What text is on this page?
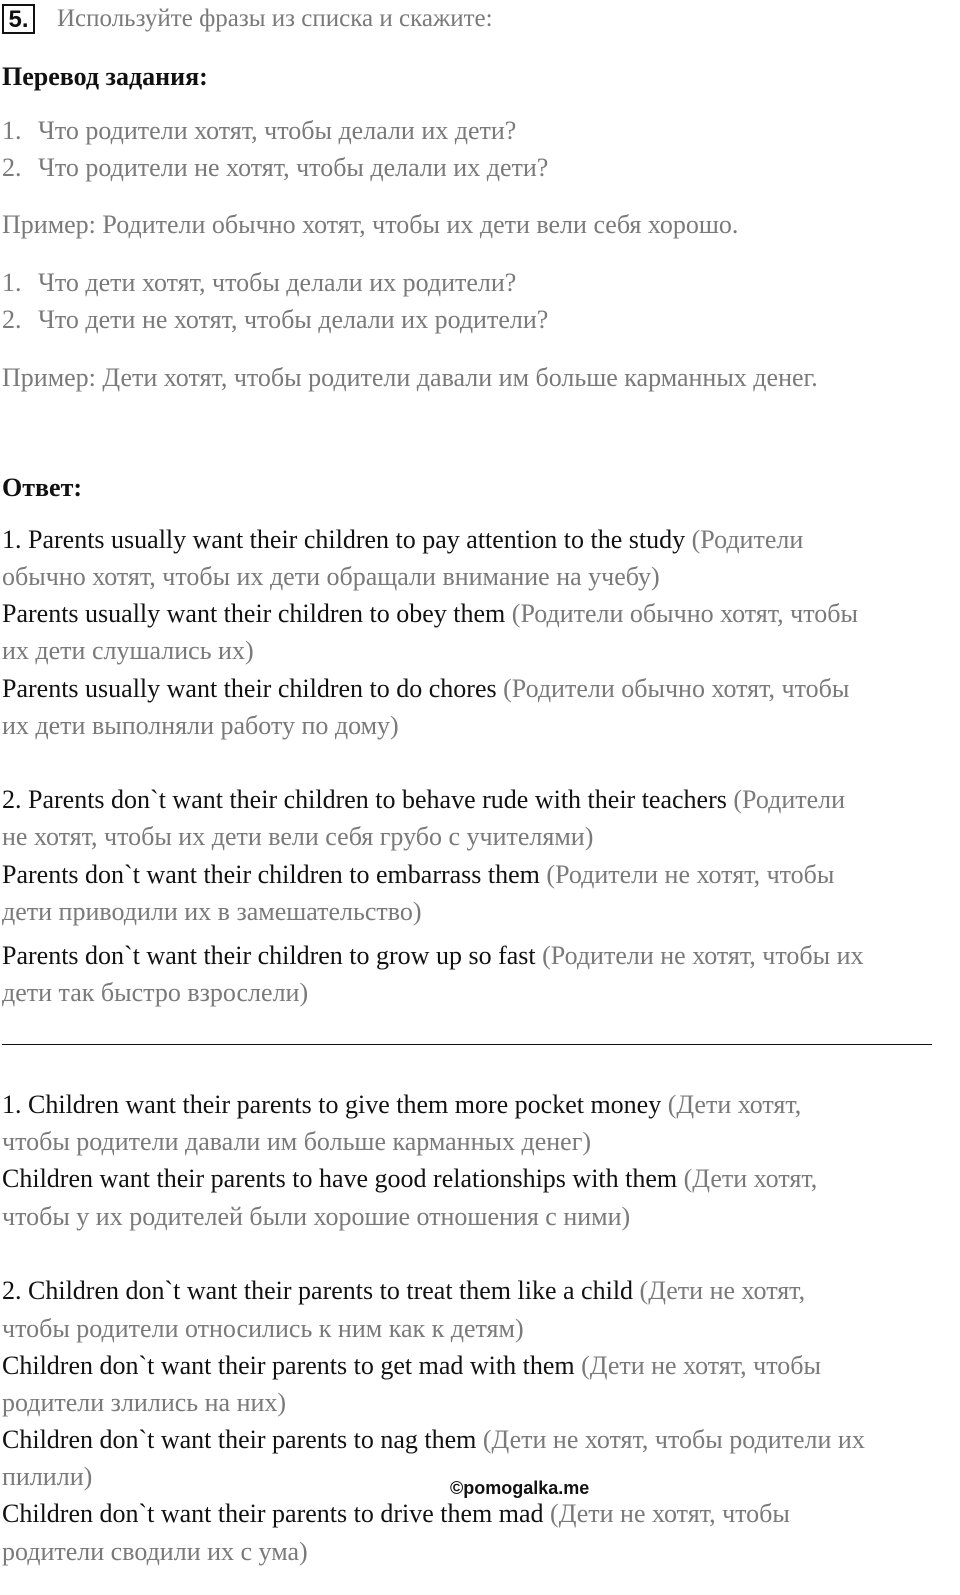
5. Используйте фразы из списка и скажите:
Перевод задания:
1. Что родители хотят, чтобы делали их дети?
2. Что родители не хотят, чтобы делали их дети?
Пример: Родители обычно хотят, чтобы их дети вели себя хорошо.
1. Что дети хотят, чтобы делали их родители?
2. Что дети не хотят, чтобы делали их родители?
Пример: Дети хотят, чтобы родители давали им больше карманных денег.
Ответ:
1. Parents usually want their children to pay attention to the study (Родители
обычно хотят, чтобы их дети обращали внимание на учебу)
Parents usually want their children to obey them (Родители обычно хотят, чтобы
их дети слушались их)
Parents usually want their children to do chores (Родители обычно хотят, чтобы
их дети выполняли работу по дому)
2. Parents don`t want their children to behave rude with their teachers (Родители
не хотят, чтобы их дети вели себя грубо с учителями)
Parents don`t want their children to embarrass them (Родители не хотят, чтобы
дети приводили их в замешательство)
Parents don`t want their children to grow up so fast (Родители не хотят, чтобы их
дети так быстро взрослели)
1. Children want their parents to give them more pocket money (Дети хотят,
чтобы родители давали им больше карманных денег)
Children want their parents to have good relationships with them (Дети хотят,
чтобы у их родителей были хорошие отношения с ними)
2. Children don`t want their parents to treat them like a child (Дети не хотят,
чтобы родители относились к ним как к детям)
Children don`t want their parents to get mad with them (Дети не хотят, чтобы
родители злились на них)
Children don`t want their parents to nag them (Дети не хотят, чтобы родители их
пилили)
Children don`t want their parents to drive them mad (Дети не хотят, чтобы
родители сводили их с ума)
©pomogalka.me
